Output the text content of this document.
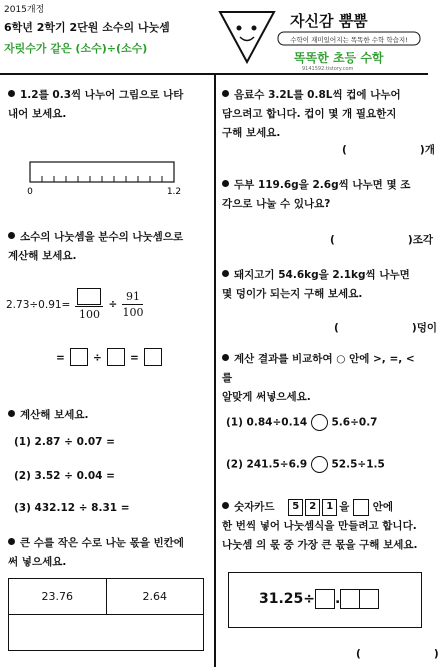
2015개정
6학년 2학기 2단원 소수의 나눗셈
자릿수가 같은 (소수)÷(소수)
자신감 뿜뿜
수학이 재미있어지는 똑똑한 수학 학습지!
똑똑한 초등 수학
9141592.tistory.com
1.2를 0.3씩 나누어 그림으로 나타
내어 보세요.
0	1.2
소수의 나눗셈을 분수의 나눗셈으로
계산해 보세요.
2.73÷0.91=
100
÷ $\frac{91}{100}$
=	÷	=
계산해 보세요.
(1) 2.87 ÷ 0.07 =
(2) 3.52 ÷ 0.04 =
(3) 432.12 ÷ 8.31 =
큰 수를 작은 수로 나눈 몫을 빈칸에
써 넣으세요.
23.76	2.64

음료수 3.2L를 0.8L씩 컵에 나누어
담으려고 합니다. 컵이 몇 개 필요한지
구해 보세요.
(                    )개
두부 119.6g을 2.6g씩 나누면 몇 조
각으로 나눌 수 있나요?
(                    )조각
돼지고기 54.6kg을 2.1kg씩 나누면
몇 덩이가 되는지 구해 보세요.
(                    )덩이
계산 결과를 비교하여 ○ 안에 >, =, < 를
알맞게 써넣으세요.
(1) 0.84÷0.14 5.6÷0.7
(2) 241.5÷6.9 52.5÷1.5
숫자카드 5 2 1 을 안에
한 번씩 넣어 나눗셈식을 만들려고 합니다.
나눗셈 의 몫 중 가장 큰 몫을 구해 보세요.
31.25÷ .
(                    )
